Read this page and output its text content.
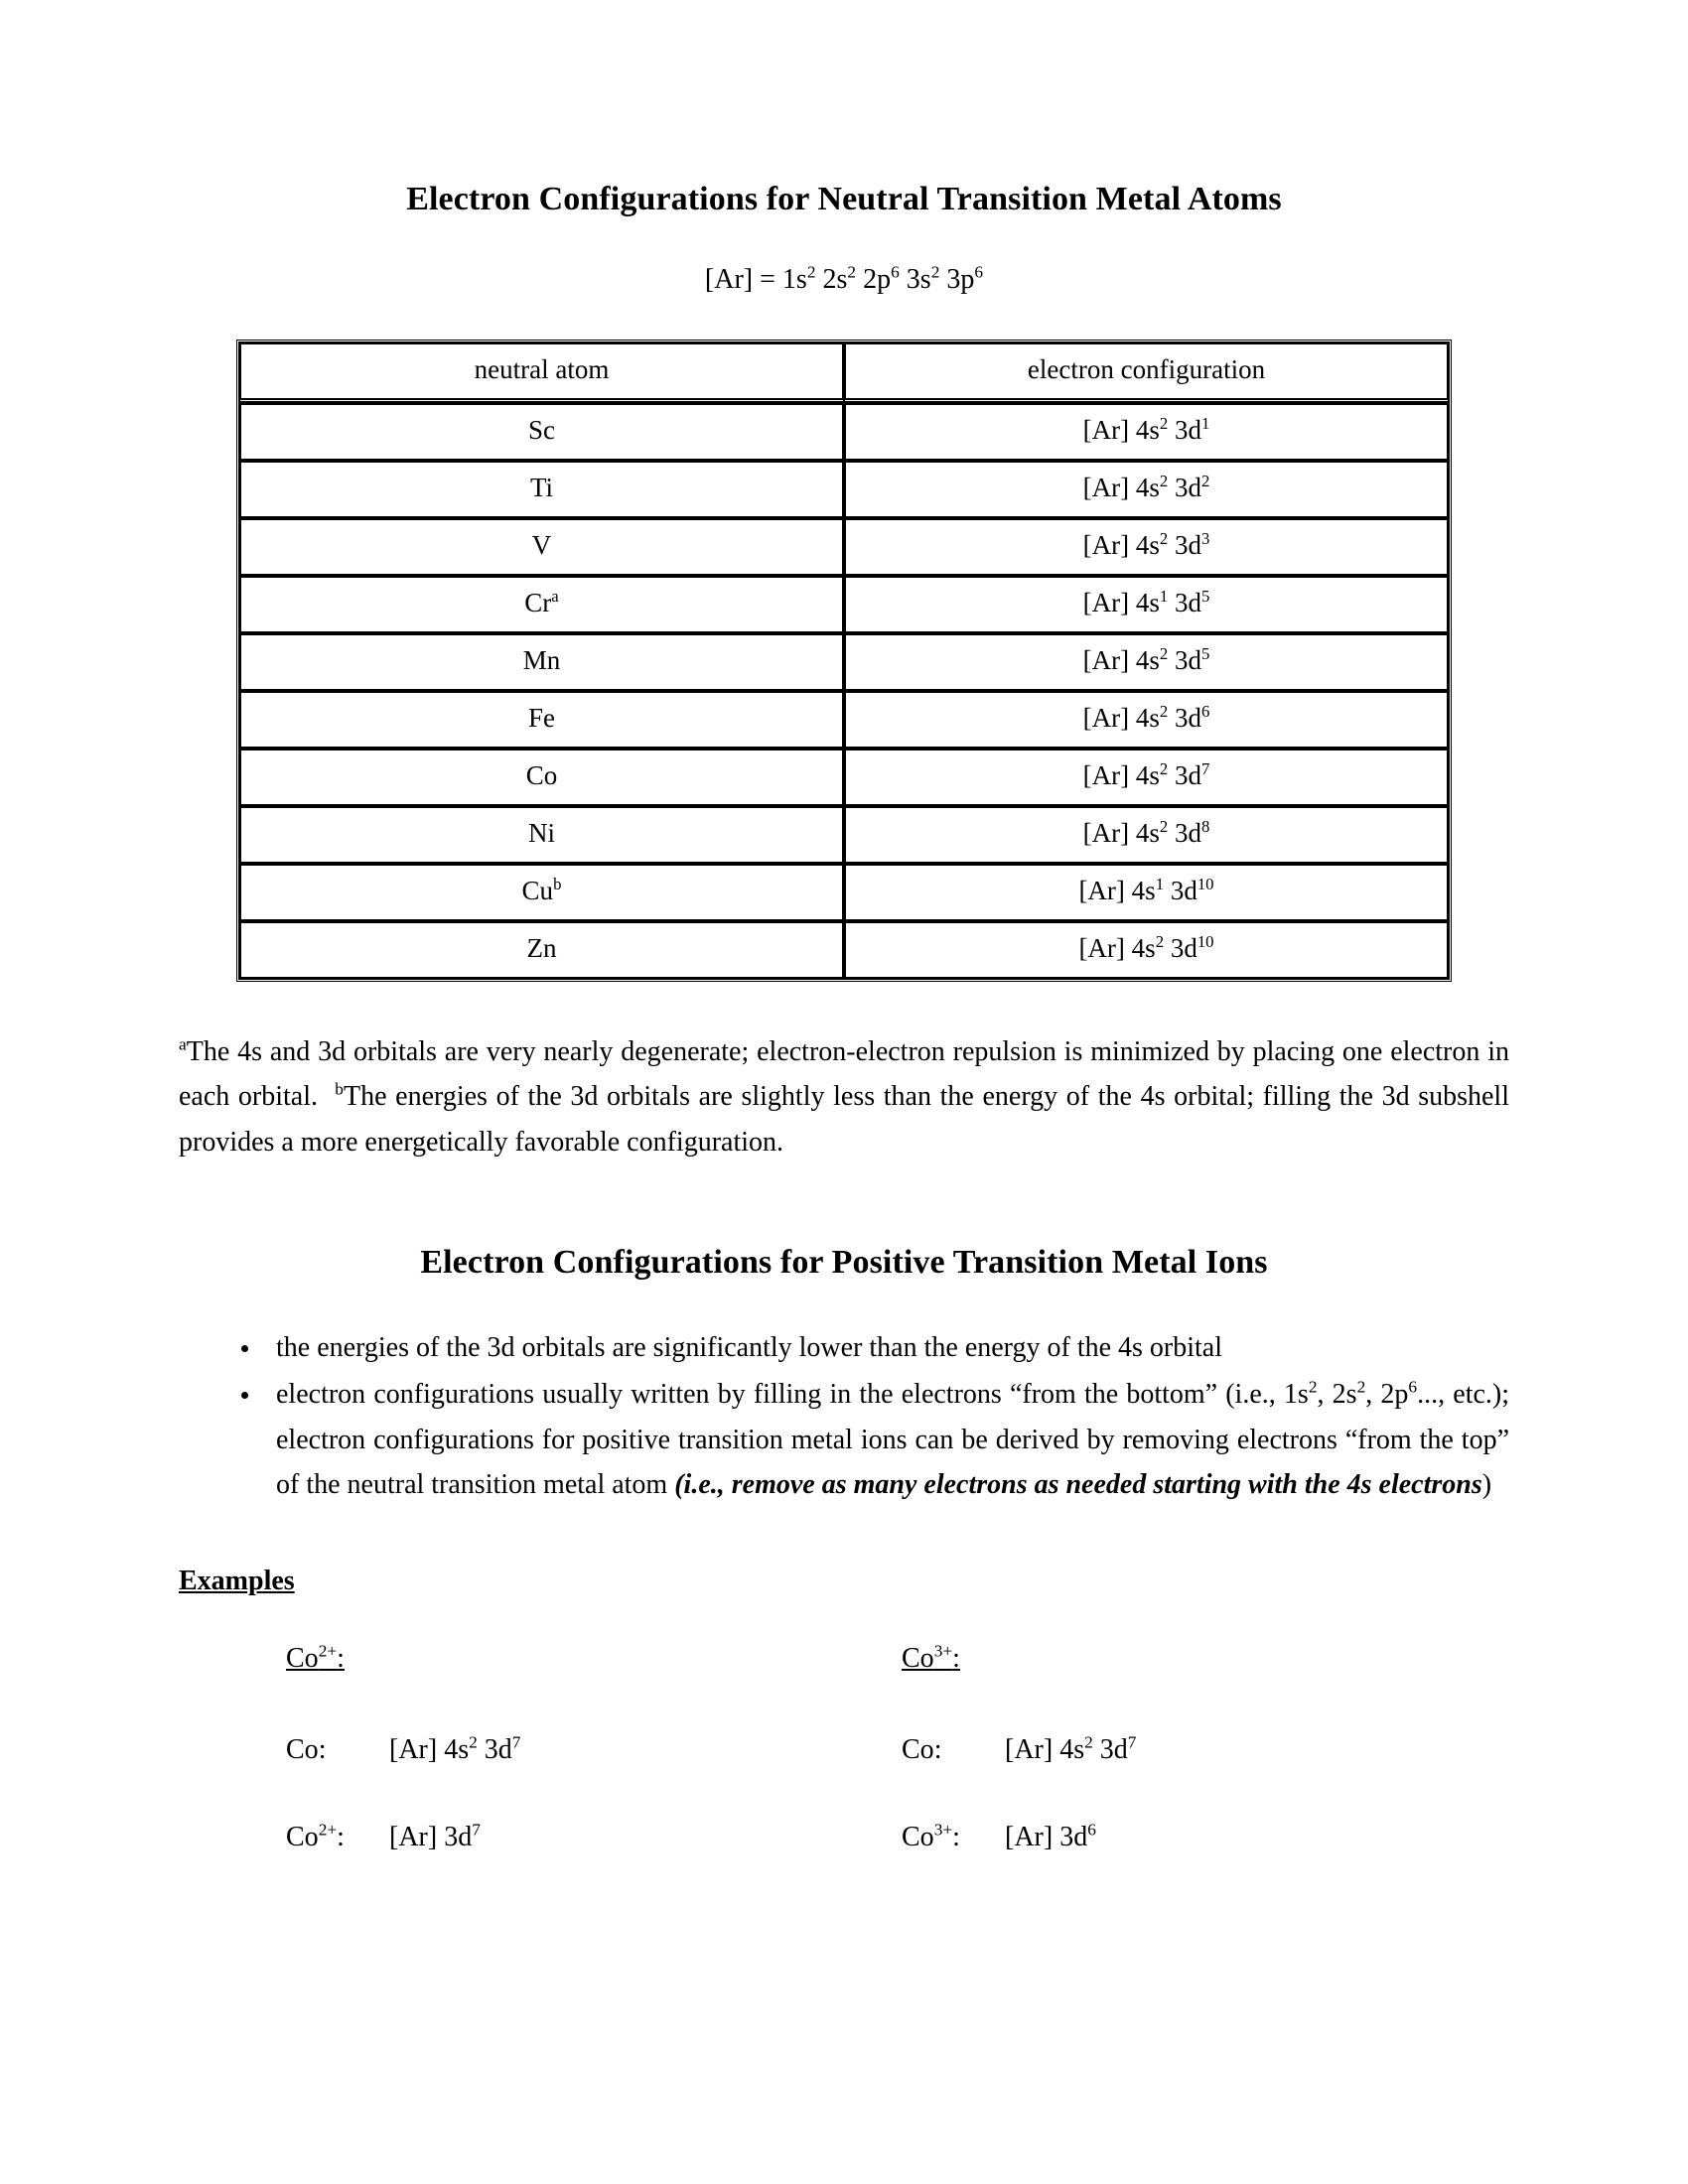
Electron Configurations for Neutral Transition Metal Atoms
$[Ar] = 1s^2$ $2s^2$ $2p^6$ $3s^2$ $3p^6$
neutral atom	electron configuration
Sc	[Ar] $4s^2$ $3d^1$
Ti	[Ar] $4s^2$ $3d^2$
V	[Ar] $4s^2$ $3d^3$
Cr$^a$	[Ar] $4s^1$ $3d^5$
Mn	[Ar] $4s^2$ $3d^5$
Fe	[Ar] $4s^2$ $3d^6$
Co	[Ar] $4s^2$ $3d^7$
Ni	[Ar] $4s^2$ $3d^8$
Cu$^b$	[Ar] $4s^1$ $3d^{10}$
Zn	[Ar] $4s^2$ $3d^{10}$

$^a$The 4s and 3d orbitals are very nearly degenerate; electron-electron repulsion is minimized by placing one electron in each orbital. $^b$The energies of the 3d orbitals are slightly less than the energy of the 4s orbital; filling the 3d subshell provides a more energetically favorable configuration.

Electron Configurations for Positive Transition Metal Ions
• the energies of the 3d orbitals are significantly lower than the energy of the 4s orbital
• electron configurations usually written by filling in the electrons “from the bottom” (i.e., $1s^2$, $2s^2$, $2p^6$..., etc.); electron configurations for positive transition metal ions can be derived by removing electrons “from the top” of the neutral transition metal atom (i.e., remove as many electrons as needed starting with the 4s electrons)
Examples
$Co^{2+}$:
Co:	[Ar] $4s^2$ $3d^7$
$Co^{2+}$:	[Ar] $3d^7$
$Co^{3+}$:
Co:	[Ar] $4s^2$ $3d^7$
$Co^{3+}$:	[Ar] $3d^6$
